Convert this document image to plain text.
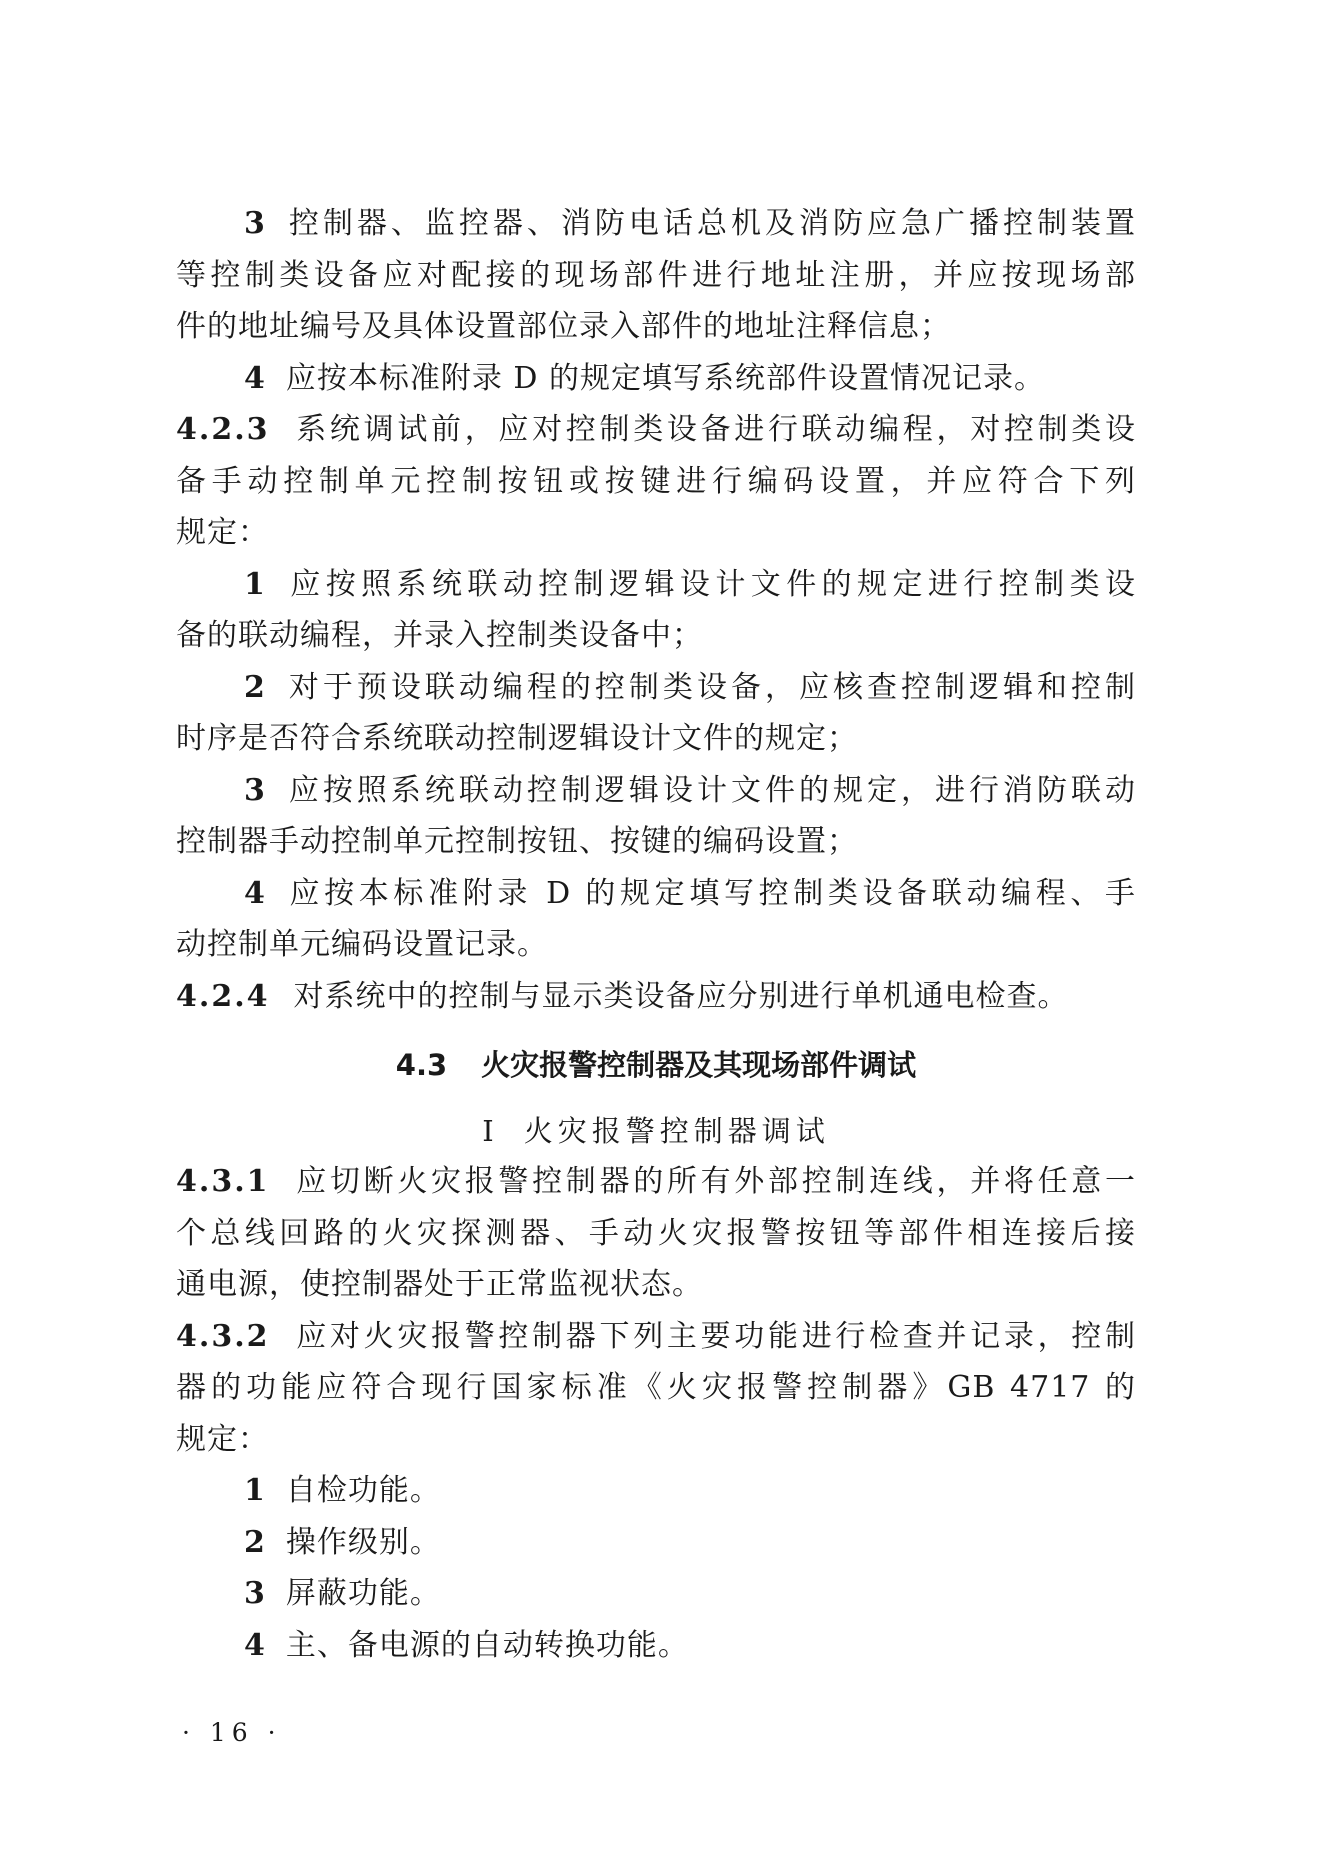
3 控制器、监控器、消防电话总机及消防应急广播控制装置
等控制类设备应对配接的现场部件进行地址注册，并应按现场部
件的地址编号及具体设置部位录入部件的地址注释信息；
4 应按本标准附录 D 的规定填写系统部件设置情况记录。
4.2.3 系统调试前，应对控制类设备进行联动编程，对控制类设
备手动控制单元控制按钮或按键进行编码设置，并应符合下列
规定：
1 应按照系统联动控制逻辑设计文件的规定进行控制类设
备的联动编程，并录入控制类设备中；
2 对于预设联动编程的控制类设备，应核查控制逻辑和控制
时序是否符合系统联动控制逻辑设计文件的规定；
3 应按照系统联动控制逻辑设计文件的规定，进行消防联动
控制器手动控制单元控制按钮、按键的编码设置；
4 应按本标准附录 D 的规定填写控制类设备联动编程、手
动控制单元编码设置记录。
4.2.4 对系统中的控制与显示类设备应分别进行单机通电检查。
4.3 火灾报警控制器及其现场部件调试
Ⅰ 火灾报警控制器调试
4.3.1 应切断火灾报警控制器的所有外部控制连线，并将任意一
个总线回路的火灾探测器、手动火灾报警按钮等部件相连接后接
通电源，使控制器处于正常监视状态。
4.3.2 应对火灾报警控制器下列主要功能进行检查并记录，控制
器的功能应符合现行国家标准《火灾报警控制器》GB 4717 的
规定：
1 自检功能。
2 操作级别。
3 屏蔽功能。
4 主、备电源的自动转换功能。
· 16 ·
